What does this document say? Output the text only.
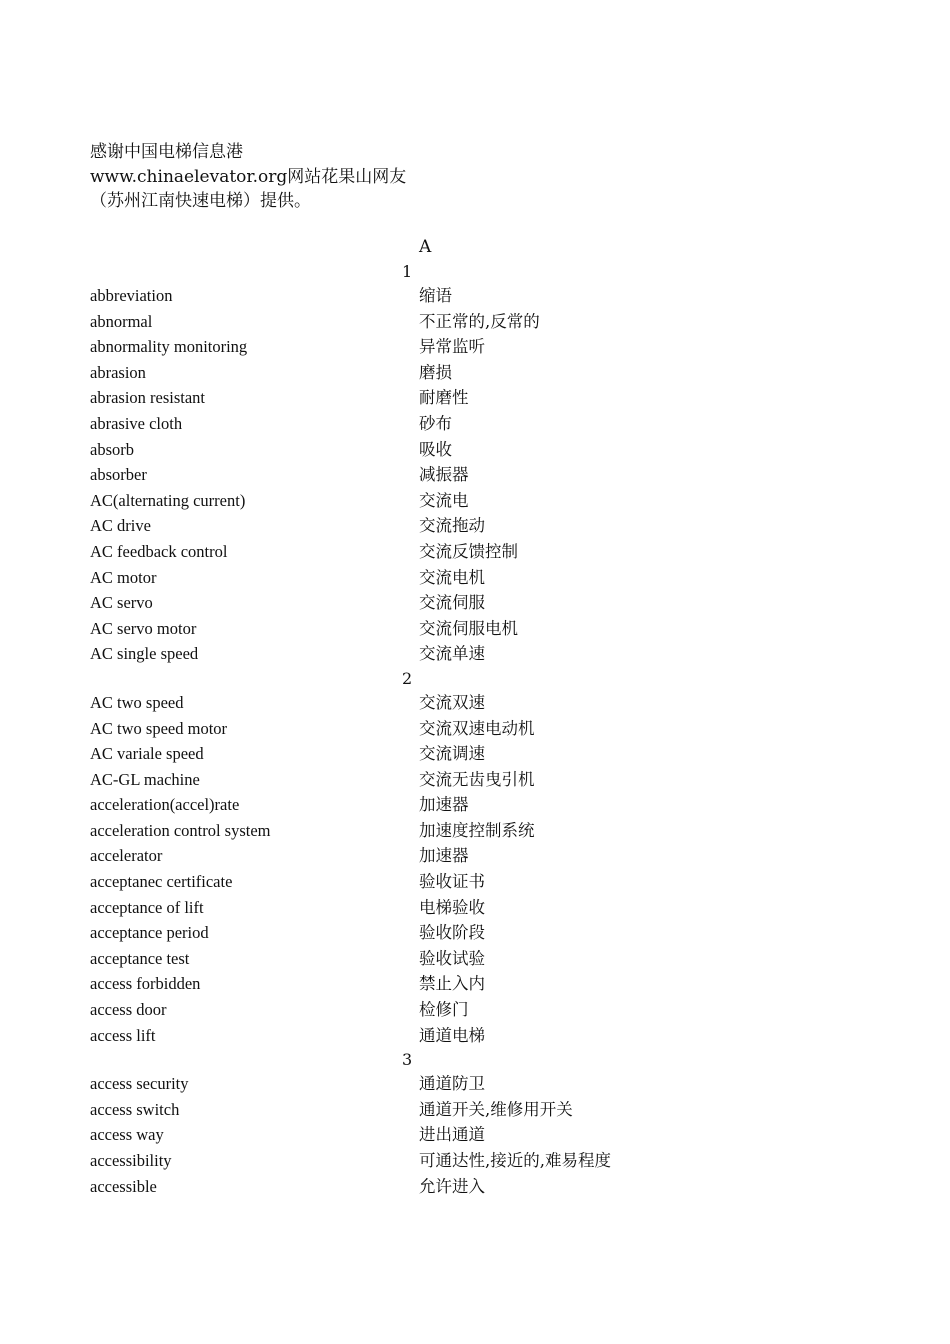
感谢中国电梯信息港
www.chinaelevator.org网站花果山网友
（苏州江南快速电梯）提供。
A
1
abbreviation	缩语
abnormal	不正常的,反常的
abnormality monitoring	异常监听
abrasion	磨损
abrasion resistant	耐磨性
abrasive cloth	砂布
absorb	吸收
absorber	减振器
AC(alternating current)	交流电
AC drive	交流拖动
AC feedback control	交流反馈控制
AC motor	交流电机
AC servo	交流伺服
AC servo motor	交流伺服电机
AC single speed	交流单速
2
AC two speed	交流双速
AC two speed motor	交流双速电动机
AC variale speed	交流调速
AC-GL machine	交流无齿曳引机
acceleration(accel)rate	加速器
acceleration control system	加速度控制系统
accelerator	加速器
acceptanec certificate	验收证书
acceptance of lift	电梯验收
acceptance period	验收阶段
acceptance test	验收试验
access forbidden	禁止入内
access door	检修门
access lift	通道电梯
3
access security	通道防卫
access switch	通道开关,维修用开关
access way	进出通道
accessibility	可通达性,接近的,难易程度
accessible	允许进入
